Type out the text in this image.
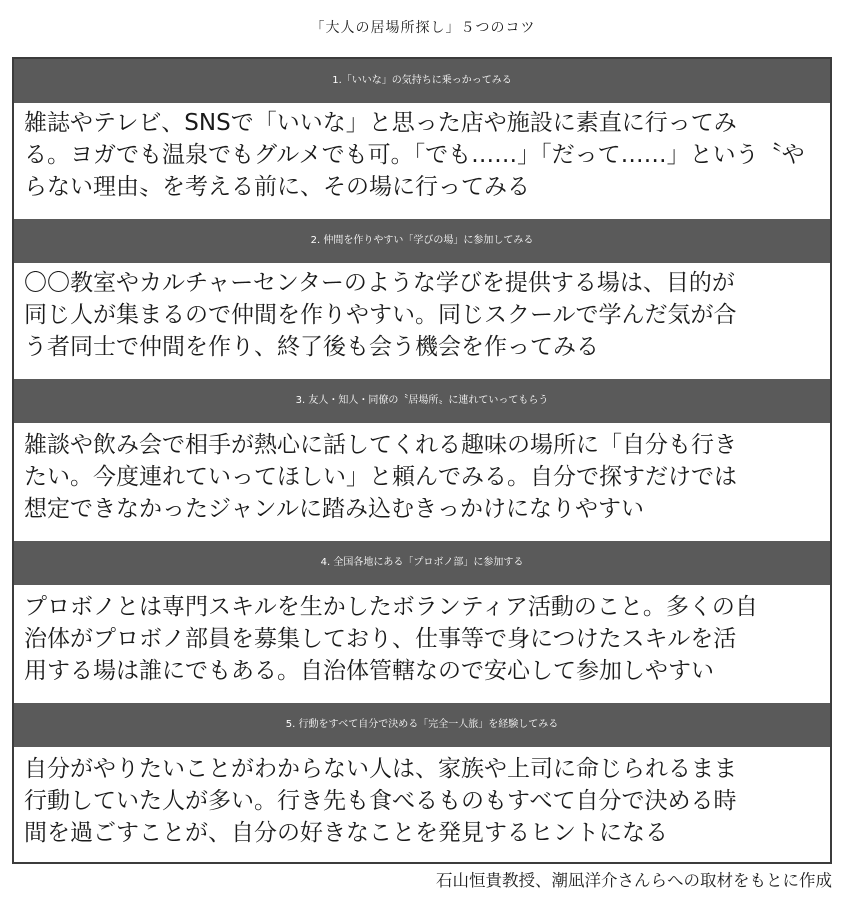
「大人の居場所探し」５つのコツ
1.「いいな」の気持ちに乗っかってみる
雑誌やテレビ、SNSで「いいな」と思った店や施設に素直に行ってみ
る。ヨガでも温泉でもグルメでも可。「でも……」「だって……」という〝や
らない理由〟を考える前に、その場に行ってみる
2. 仲間を作りやすい「学びの場」に参加してみる
〇〇教室やカルチャーセンターのような学びを提供する場は、目的が
同じ人が集まるので仲間を作りやすい。同じスクールで学んだ気が合
う者同士で仲間を作り、終了後も会う機会を作ってみる
3. 友人・知人・同僚の〝居場所〟に連れていってもらう
雑談や飲み会で相手が熱心に話してくれる趣味の場所に「自分も行き
たい。今度連れていってほしい」と頼んでみる。自分で探すだけでは
想定できなかったジャンルに踏み込むきっかけになりやすい
4. 全国各地にある「プロボノ部」に参加する
プロボノとは専門スキルを生かしたボランティア活動のこと。多くの自
治体がプロボノ部員を募集しており、仕事等で身につけたスキルを活
用する場は誰にでもある。自治体管轄なので安心して参加しやすい
5. 行動をすべて自分で決める「完全一人旅」を経験してみる
自分がやりたいことがわからない人は、家族や上司に命じられるまま
行動していた人が多い。行き先も食べるものもすべて自分で決める時
間を過ごすことが、自分の好きなことを発見するヒントになる
石山恒貴教授、潮凪洋介さんらへの取材をもとに作成
